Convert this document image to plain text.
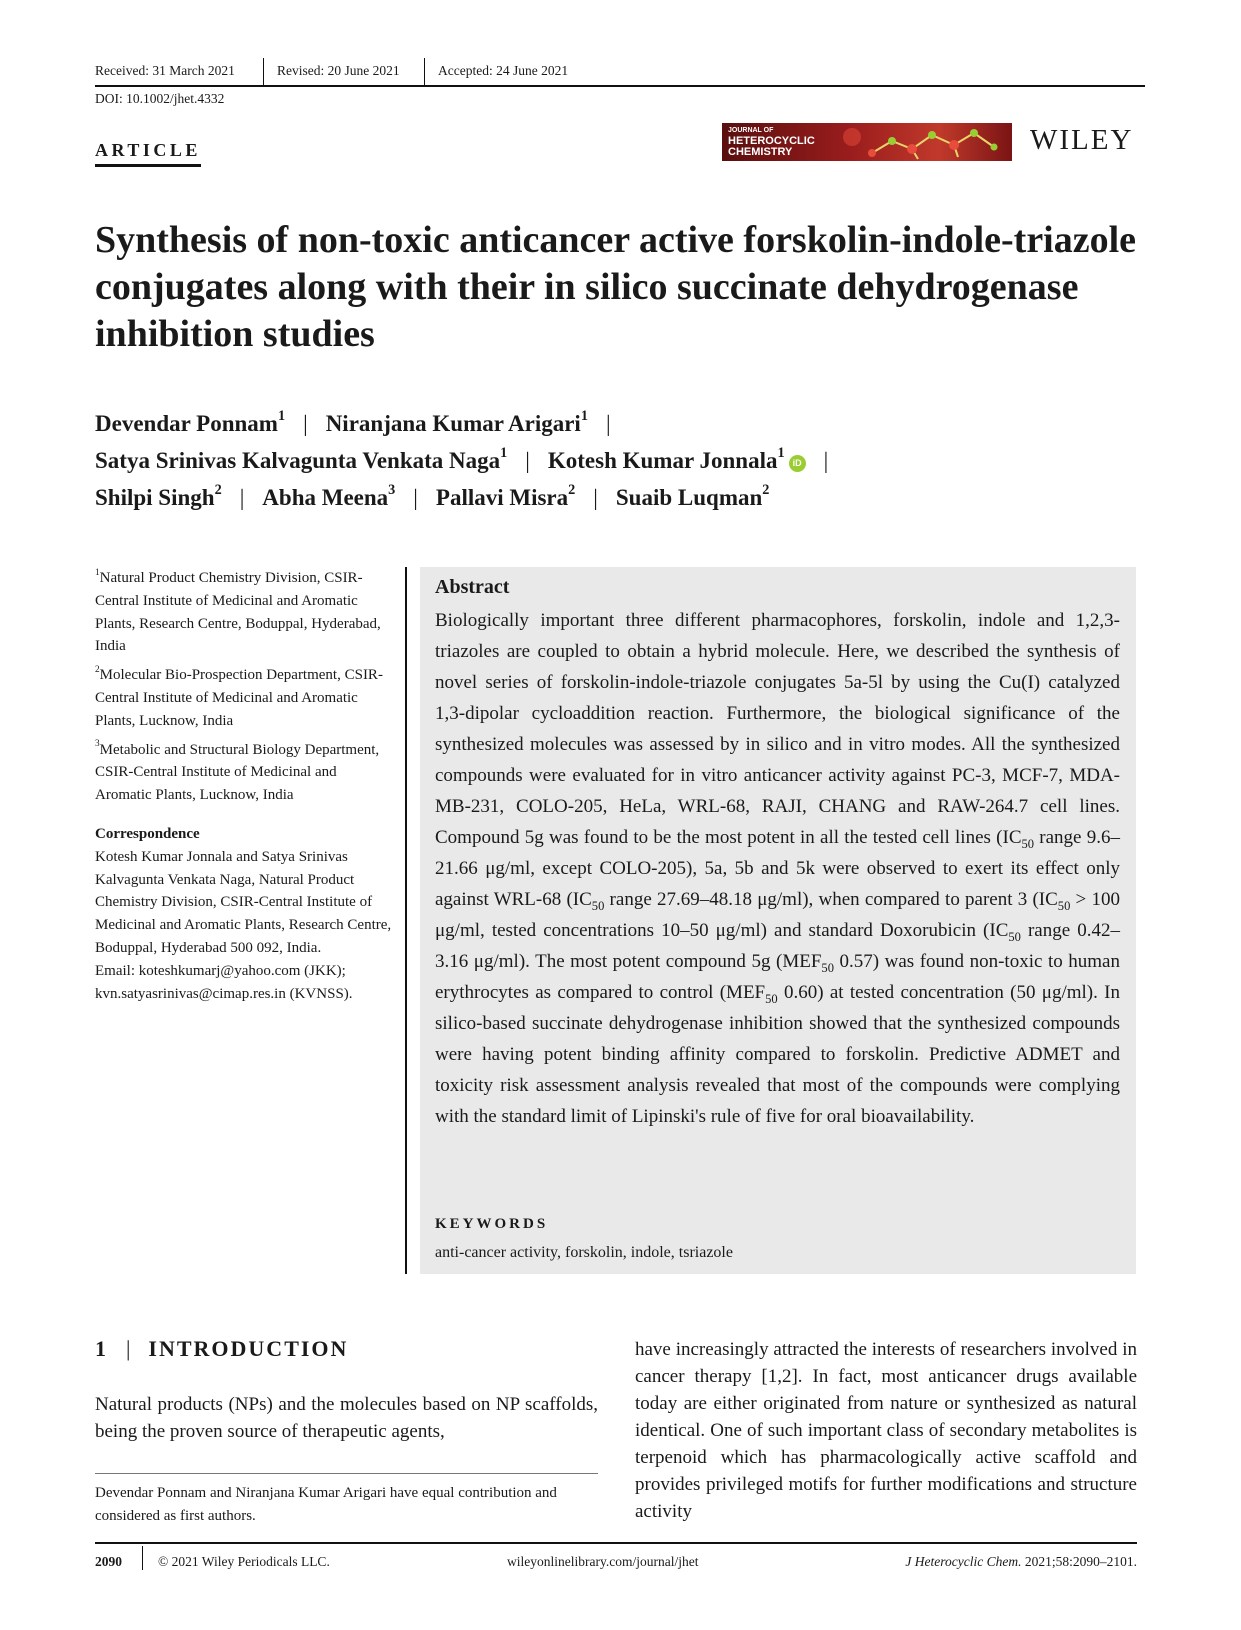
Received: 31 March 2021	Revised: 20 June 2021	Accepted: 24 June 2021
DOI: 10.1002/jhet.4332
ARTICLE
JOURNAL OF
HETEROCYCLIC
CHEMISTRY	WILEY
Synthesis of non-toxic anticancer active forskolin-indole-triazole conjugates along with their in silico succinate dehydrogenase inhibition studies
Devendar Ponnam$^1$ | Niranjana Kumar Arigari$^1$ |
Satya Srinivas Kalvagunta Venkata Naga$^1$ | Kotesh Kumar Jonnala$^1$iD |
Shilpi Singh$^2$ | Abha Meena$^3$ | Pallavi Misra$^2$ | Suaib Luqman$^2$

$^1$Natural Product Chemistry Division, CSIR-Central Institute of Medicinal and Aromatic Plants, Research Centre, Boduppal, Hyderabad, India

$^2$Molecular Bio-Prospection Department, CSIR-Central Institute of Medicinal and Aromatic Plants, Lucknow, India

$^3$Metabolic and Structural Biology Department, CSIR-Central Institute of Medicinal and Aromatic Plants, Lucknow, India

Correspondence
Kotesh Kumar Jonnala and Satya Srinivas Kalvagunta Venkata Naga, Natural Product Chemistry Division, CSIR-Central Institute of Medicinal and Aromatic Plants, Research Centre, Boduppal, Hyderabad 500 092, India.
Email: koteshkumarj@yahoo.com (JKK);
kvn.satyasrinivas@cimap.res.in (KVNSS).
Abstract
Biologically important three different pharmacophores, forskolin, indole and 1,2,3-triazoles are coupled to obtain a hybrid molecule. Here, we described the synthesis of novel series of forskolin-indole-triazole conjugates 5a-5l by using the Cu(I) catalyzed 1,3-dipolar cycloaddition reaction. Furthermore, the biological significance of the synthesized molecules was assessed by in silico and in vitro modes. All the synthesized compounds were evaluated for in vitro anticancer activity against PC-3, MCF-7, MDA-MB-231, COLO-205, HeLa, WRL-68, RAJI, CHANG and RAW-264.7 cell lines. Compound 5g was found to be the most potent in all the tested cell lines ($IC_{50}$ range 9.6–21.66 μg/ml, except COLO-205), 5a, 5b and 5k were observed to exert its effect only against WRL-68 ($IC_{50}$ range 27.69–48.18 μg/ml), when compared to parent 3 ($IC_{50} > 100$ μg/ml, tested concentrations 10–50 μg/ml) and standard Doxorubicin ($IC_{50}$ range 0.42–3.16 μg/ml). The most potent compound 5g ($MEF_{50}$ 0.57) was found non-toxic to human erythrocytes as compared to control ($MEF_{50}$ 0.60) at tested concentration (50 μg/ml). In silico-based succinate dehydrogenase inhibition showed that the synthesized compounds were having potent binding affinity compared to forskolin. Predictive ADMET and toxicity risk assessment analysis revealed that most of the compounds were complying with the standard limit of Lipinski's rule of five for oral bioavailability.
KEYWORDS
anti-cancer activity, forskolin, indole, tsriazole
1 | INTRODUCTION
Natural products (NPs) and the molecules based on NP scaffolds, being the proven source of therapeutic agents,
Devendar Ponnam and Niranjana Kumar Arigari have equal contribution and considered as first authors.
have increasingly attracted the interests of researchers involved in cancer therapy [1,2]. In fact, most anticancer drugs available today are either originated from nature or synthesized as natural identical. One of such important class of secondary metabolites is terpenoid which has pharmacologically active scaffold and provides privileged motifs for further modifications and structure activity
2090	© 2021 Wiley Periodicals LLC.	wileyonlinelibrary.com/journal/jhet	J Heterocyclic Chem. 2021;58:2090–2101.
